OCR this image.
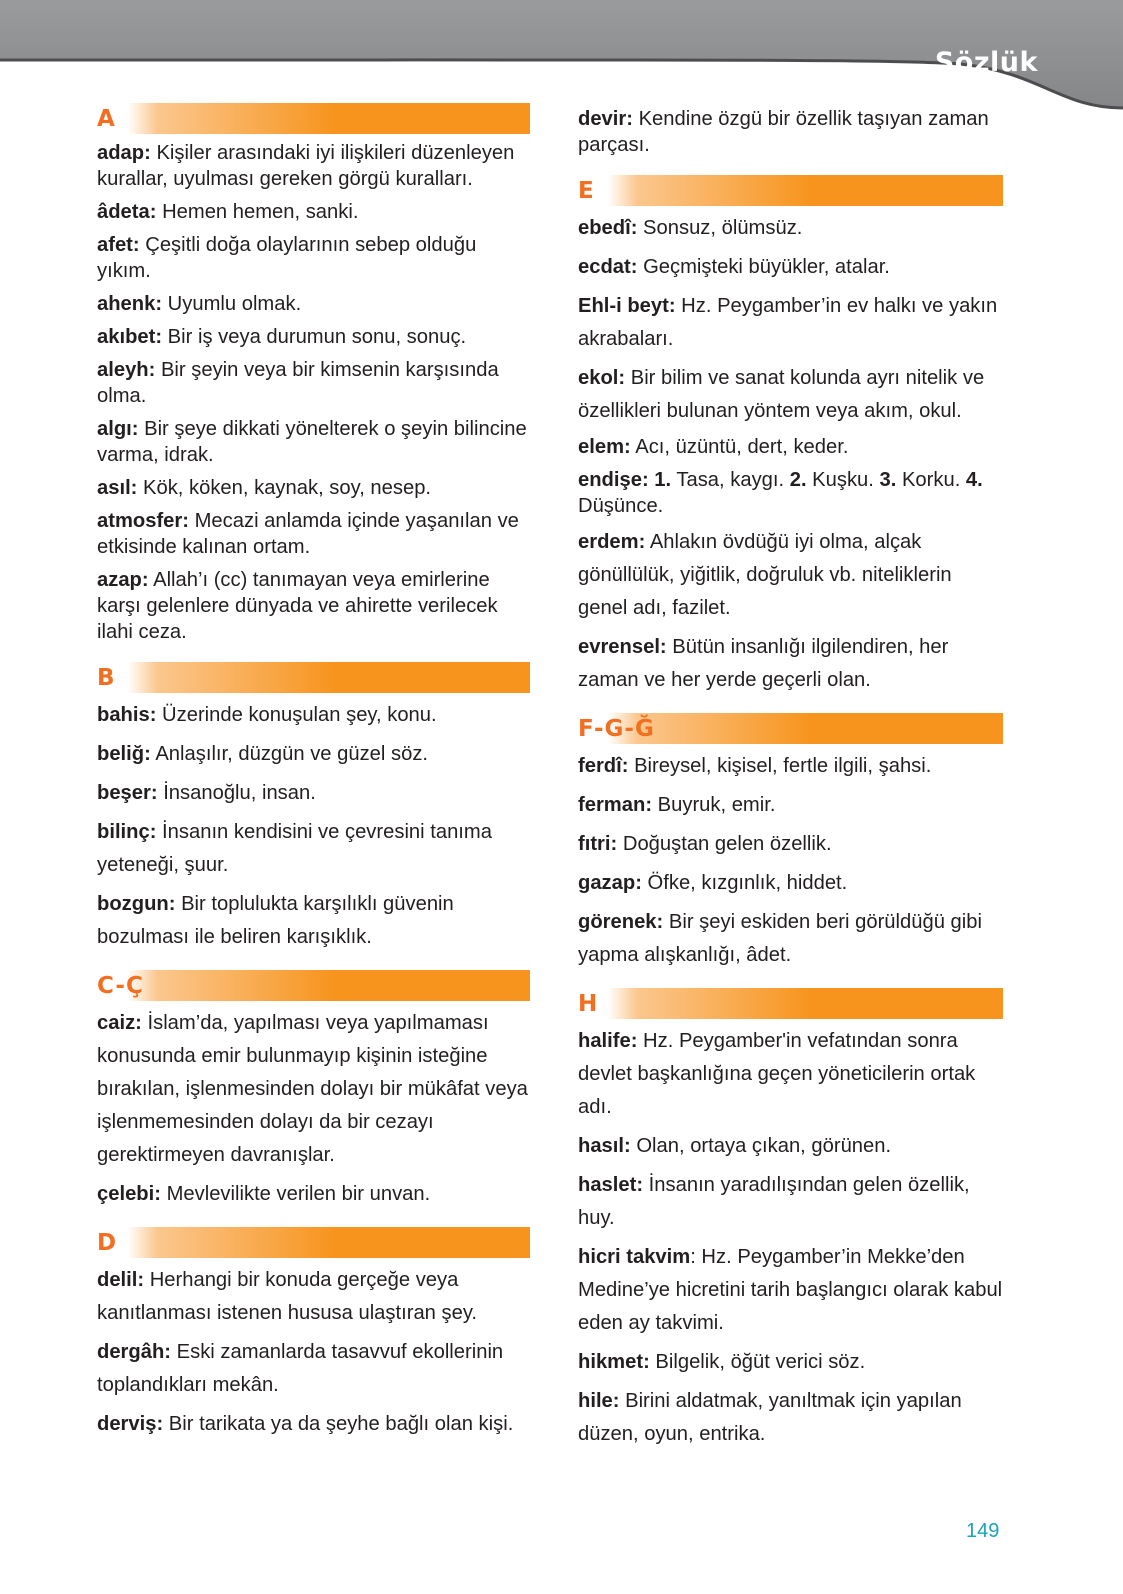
Sözlük
A
adap: Kişiler arasındaki iyi ilişkileri düzenleyen kurallar, uyulması gereken görgü kuralları.
âdeta: Hemen hemen, sanki.
afet: Çeşitli doğa olaylarının sebep olduğu yıkım.
ahenk: Uyumlu olmak.
akıbet: Bir iş veya durumun sonu, sonuç.
aleyh: Bir şeyin veya bir kimsenin karşısında olma.
algı: Bir şeye dikkati yönelterek o şeyin bilincine varma, idrak.
asıl: Kök, köken, kaynak, soy, nesep.
atmosfer: Mecazi anlamda içinde yaşanılan ve etkisinde kalınan ortam.
azap: Allah’ı (cc) tanımayan veya emirlerine karşı gelenlere dünyada ve ahirette verilecek ilahi ceza.
B
bahis: Üzerinde konuşulan şey, konu.
beliğ: Anlaşılır, düzgün ve güzel söz.
beşer: İnsanoğlu, insan.
bilinç: İnsanın kendisini ve çevresini tanıma yeteneği, şuur.
bozgun: Bir toplulukta karşılıklı güvenin bozulması ile beliren karışıklık.
C-Ç
caiz: İslam’da, yapılması veya yapılmaması konusunda emir bulunmayıp kişinin isteğine bırakılan, işlenmesinden dolayı bir mükâfat veya işlenmemesinden dolayı da bir cezayı gerektirmeyen davranışlar.
çelebi: Mevlevilikte verilen bir unvan.
D
delil: Herhangi bir konuda gerçeğe veya kanıtlanması istenen hususa ulaştıran şey.
dergâh: Eski zamanlarda tasavvuf ekollerinin toplandıkları mekân.
derviş: Bir tarikata ya da şeyhe bağlı olan kişi.
devir: Kendine özgü bir özellik taşıyan zaman parçası.
E
ebedî: Sonsuz, ölümsüz.
ecdat: Geçmişteki büyükler, atalar.
Ehl-i beyt: Hz. Peygamber’in ev halkı ve yakın akrabaları.
ekol: Bir bilim ve sanat kolunda ayrı nitelik ve özellikleri bulunan yöntem veya akım, okul.
elem: Acı, üzüntü, dert, keder.
endişe: 1. Tasa, kaygı. 2. Kuşku. 3. Korku. 4. Düşünce.
erdem: Ahlakın övdüğü iyi olma, alçak gönüllülük, yiğitlik, doğruluk vb. niteliklerin genel adı, fazilet.
evrensel: Bütün insanlığı ilgilendiren, her zaman ve her yerde geçerli olan.
F-G-Ğ
ferdî: Bireysel, kişisel, fertle ilgili, şahsi.
ferman: Buyruk, emir.
fıtri: Doğuştan gelen özellik.
gazap: Öfke, kızgınlık, hiddet.
görenek: Bir şeyi eskiden beri görüldüğü gibi yapma alışkanlığı, âdet.
H
halife: Hz. Peygamber'in vefatından sonra devlet başkanlığına geçen yöneticilerin ortak adı.
hasıl: Olan, ortaya çıkan, görünen.
haslet: İnsanın yaradılışından gelen özellik, huy.
hicri takvim: Hz. Peygamber’in Mekke’den Medine’ye hicretini tarih başlangıcı olarak kabul eden ay takvimi.
hikmet: Bilgelik, öğüt verici söz.
hile: Birini aldatmak, yanıltmak için yapılan düzen, oyun, entrika.
149
